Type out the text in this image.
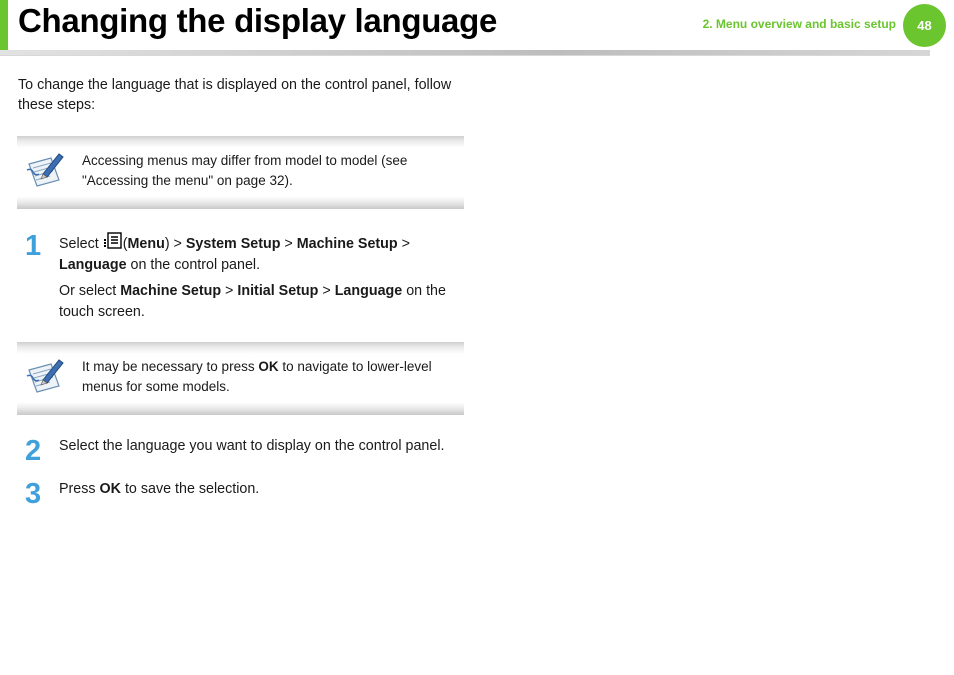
Changing the display language	2. Menu overview and basic setup	48

To change the language that is displayed on the control panel, follow these steps:

Accessing menus may differ from model to model (see "Accessing the menu" on page 32).

1 Select (Menu) > System Setup > Machine Setup > Language on the control panel.

Or select Machine Setup > Initial Setup > Language on the touch screen.

It may be necessary to press OK to navigate to lower-level menus for some models.

2 Select the language you want to display on the control panel.

3 Press OK to save the selection.
